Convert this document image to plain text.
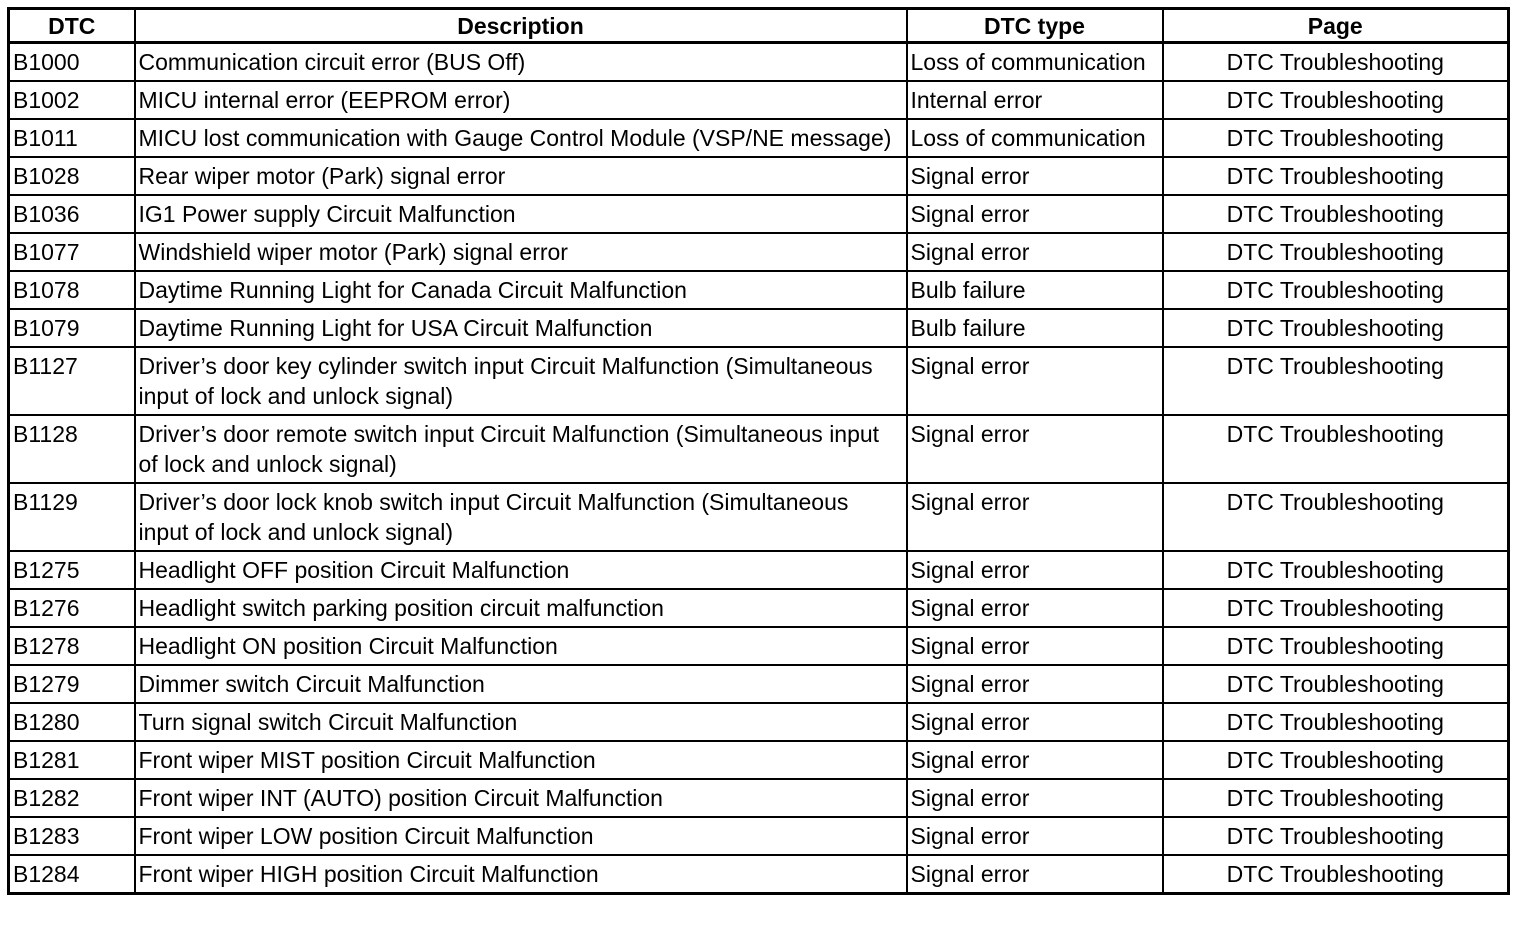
DTC	Description	DTC type	Page
B1000	Communication circuit error (BUS Off)	Loss of communication	DTC Troubleshooting
B1002	MICU internal error (EEPROM error)	Internal error	DTC Troubleshooting
B1011	MICU lost communication with Gauge Control Module (VSP/NE message)	Loss of communication	DTC Troubleshooting
B1028	Rear wiper motor (Park) signal error	Signal error	DTC Troubleshooting
B1036	IG1 Power supply Circuit Malfunction	Signal error	DTC Troubleshooting
B1077	Windshield wiper motor (Park) signal error	Signal error	DTC Troubleshooting
B1078	Daytime Running Light for Canada Circuit Malfunction	Bulb failure	DTC Troubleshooting
B1079	Daytime Running Light for USA Circuit Malfunction	Bulb failure	DTC Troubleshooting
B1127	Driver’s door key cylinder switch input Circuit Malfunction (Simultaneous input of lock and unlock signal)	Signal error	DTC Troubleshooting
B1128	Driver’s door remote switch input Circuit Malfunction (Simultaneous input of lock and unlock signal)	Signal error	DTC Troubleshooting
B1129	Driver’s door lock knob switch input Circuit Malfunction (Simultaneous input of lock and unlock signal)	Signal error	DTC Troubleshooting
B1275	Headlight OFF position Circuit Malfunction	Signal error	DTC Troubleshooting
B1276	Headlight switch parking position circuit malfunction	Signal error	DTC Troubleshooting
B1278	Headlight ON position Circuit Malfunction	Signal error	DTC Troubleshooting
B1279	Dimmer switch Circuit Malfunction	Signal error	DTC Troubleshooting
B1280	Turn signal switch Circuit Malfunction	Signal error	DTC Troubleshooting
B1281	Front wiper MIST position Circuit Malfunction	Signal error	DTC Troubleshooting
B1282	Front wiper INT (AUTO) position Circuit Malfunction	Signal error	DTC Troubleshooting
B1283	Front wiper LOW position Circuit Malfunction	Signal error	DTC Troubleshooting
B1284	Front wiper HIGH position Circuit Malfunction	Signal error	DTC Troubleshooting
